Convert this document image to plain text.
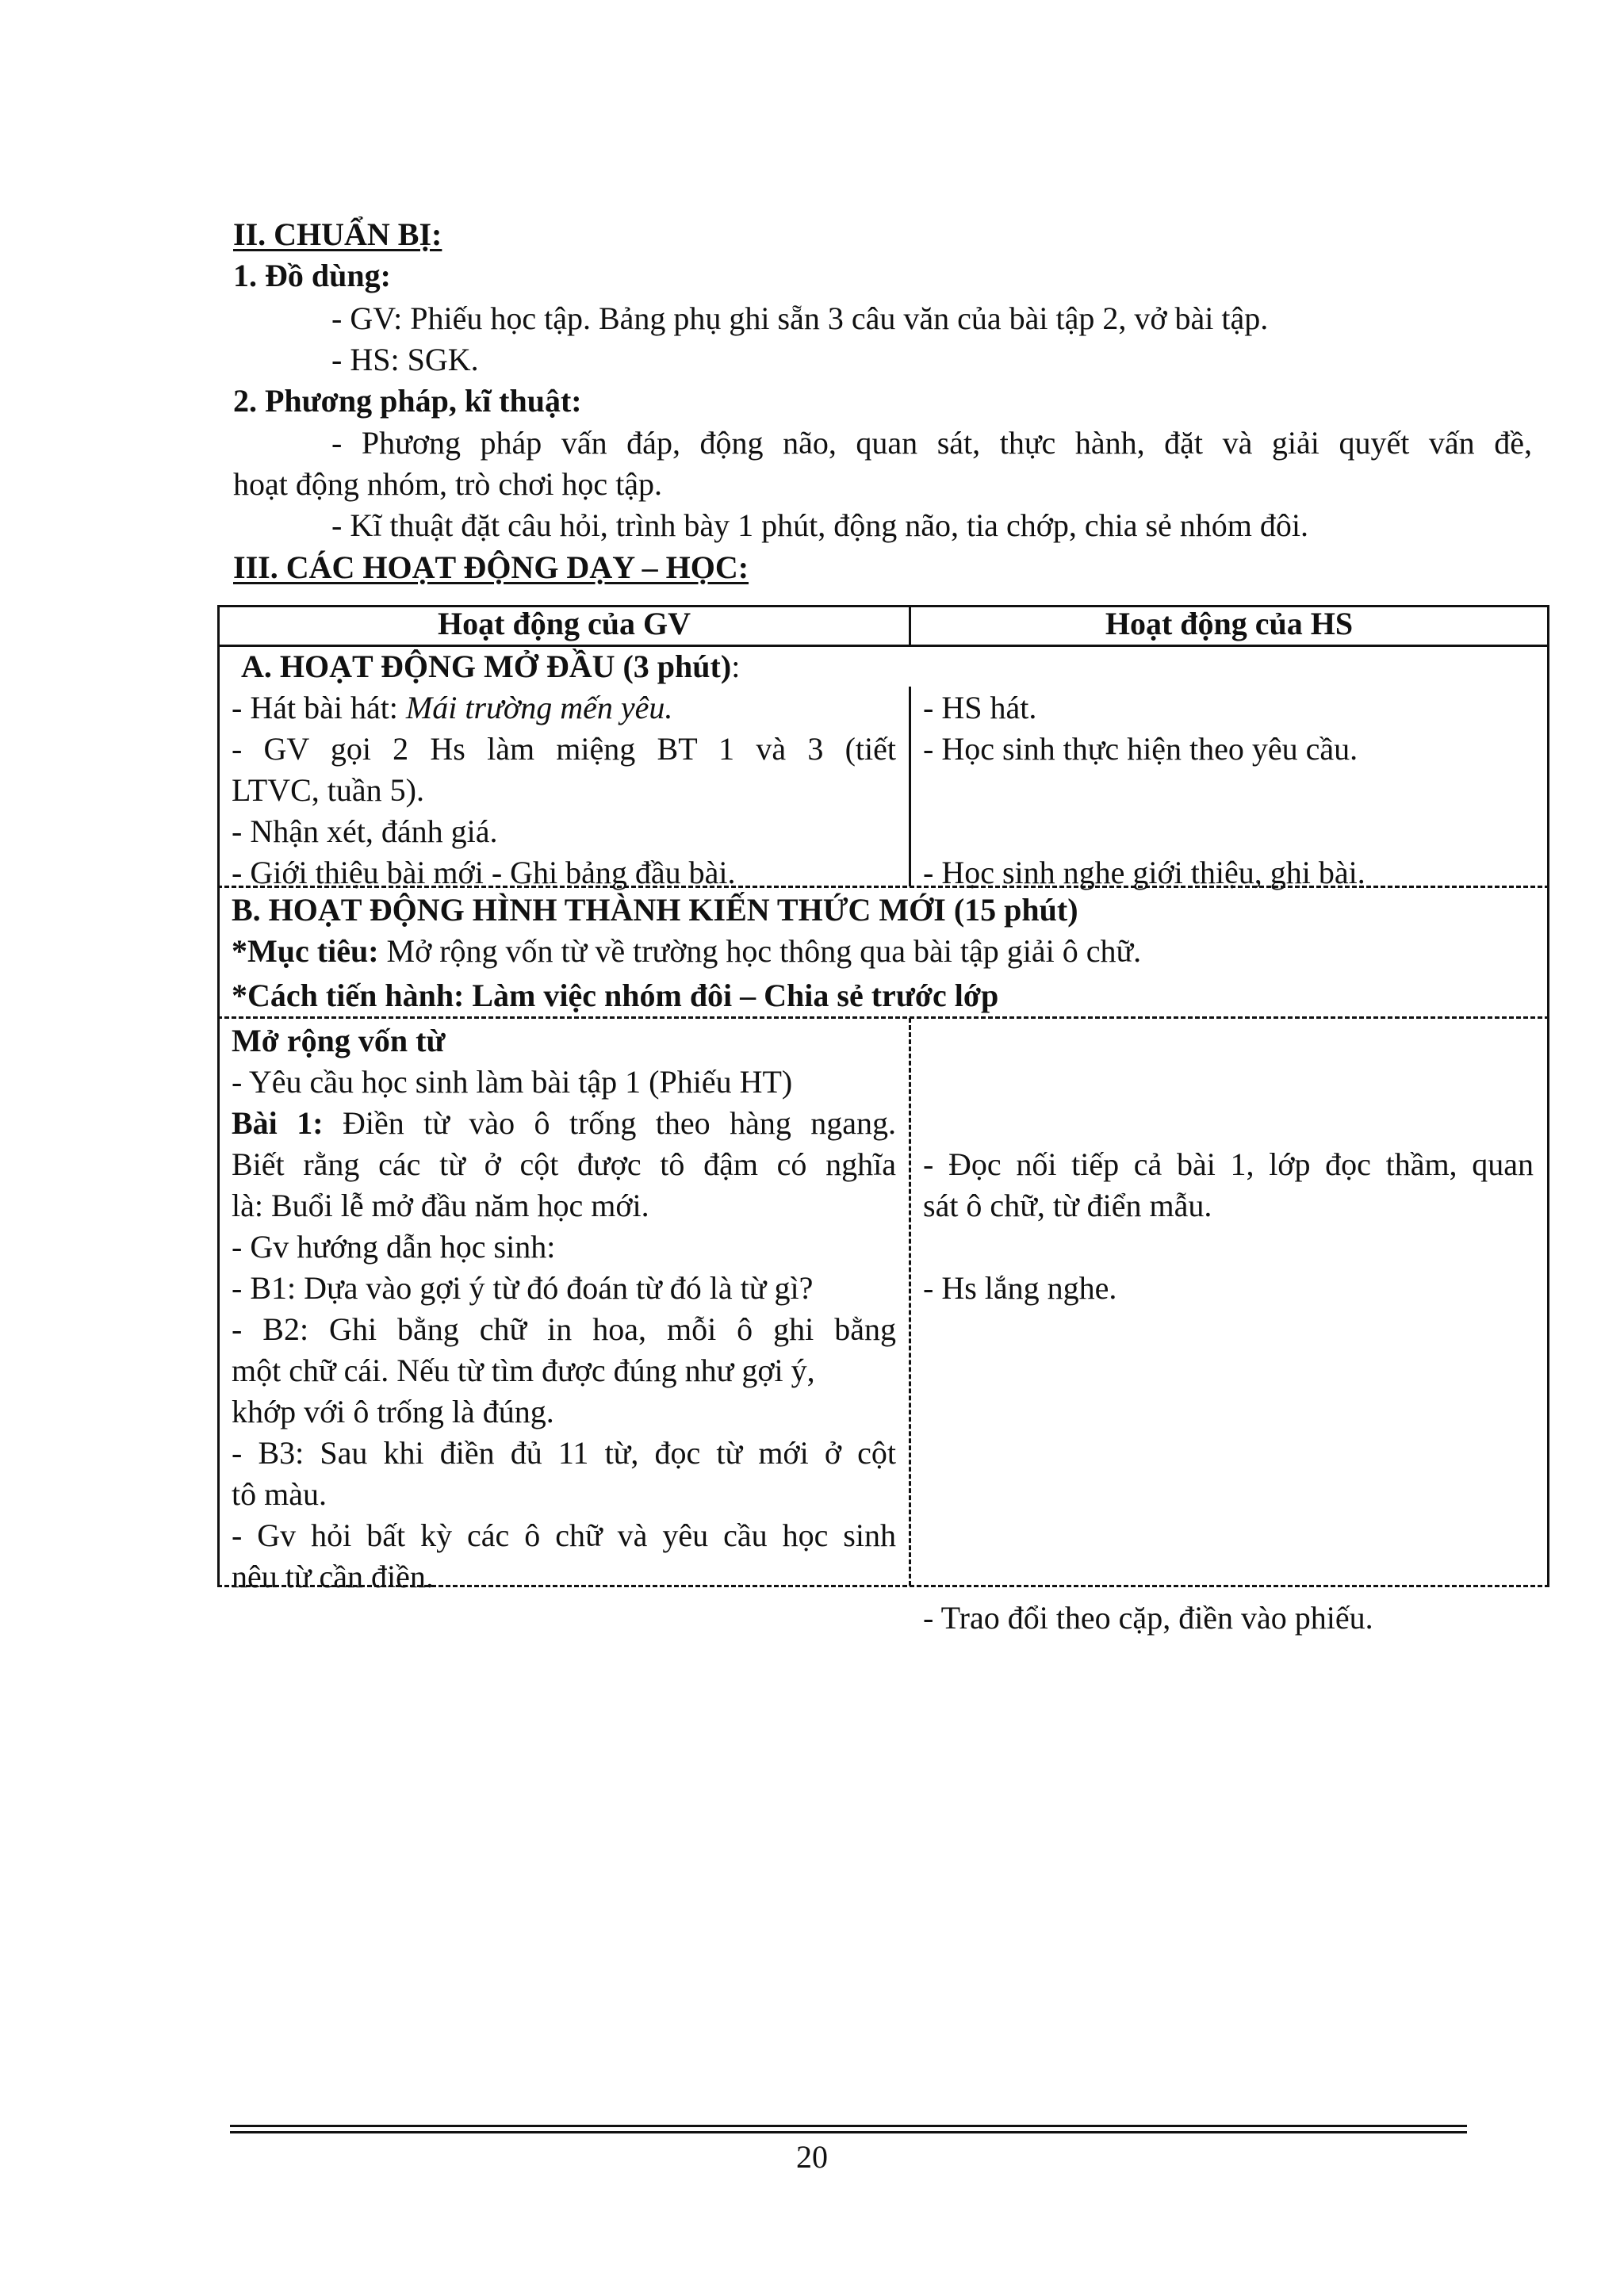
II. CHUẨN BỊ:
1. Đồ dùng:
- GV: Phiếu học tập. Bảng phụ ghi sẵn 3 câu văn của bài tập 2, vở bài tập.
- HS: SGK.
2. Phương pháp, kĩ thuật:
- Phương pháp vấn đáp, động não, quan sát, thực hành, đặt và giải quyết vấn đề,
hoạt động nhóm, trò chơi học tập.
- Kĩ thuật đặt câu hỏi, trình bày 1 phút, động não, tia chớp, chia sẻ nhóm đôi.
III. CÁC HOẠT ĐỘNG DẠY – HỌC:
Hoạt động của GV	Hoạt động của HS
A. HOẠT ĐỘNG MỞ ĐẦU (3 phút):
- Hát bài hát: Mái trường mến yêu.
- GV gọi 2 Hs làm miệng BT 1 và 3 (tiết
LTVC, tuần 5).
- Nhận xét, đánh giá.
- Giới thiệu bài mới - Ghi bảng đầu bài.
- HS hát.
- Học sinh thực hiện theo yêu cầu.
- Học sinh nghe giới thiệu, ghi bài.
B. HOẠT ĐỘNG HÌNH THÀNH KIẾN THỨC MỚI (15 phút)
*Mục tiêu: Mở rộng vốn từ về trường học thông qua bài tập giải ô chữ.
*Cách tiến hành: Làm việc nhóm đôi – Chia sẻ trước lớp
Mở rộng vốn từ
- Yêu cầu học sinh làm bài tập 1 (Phiếu HT)
Bài 1: Điền từ vào ô trống theo hàng ngang.
Biết rằng các từ ở cột được tô đậm có nghĩa
là: Buổi lễ mở đầu năm học mới.
- Gv hướng dẫn học sinh:
- B1: Dựa vào gợi ý từ đó đoán từ đó là từ gì?
- B2: Ghi bằng chữ in hoa, mỗi ô ghi bằng
một chữ cái. Nếu từ tìm được đúng như gợi ý,
khớp với ô trống là đúng.
- B3: Sau khi điền đủ 11 từ, đọc từ mới ở cột
tô màu.
- Gv hỏi bất kỳ các ô chữ và yêu cầu học sinh
nêu từ cần điền.
- Đọc nối tiếp cả bài 1, lớp đọc thầm, quan
sát ô chữ, từ điển mẫu.
- Hs lắng nghe.
- Trao đổi theo cặp, điền vào phiếu.
20
